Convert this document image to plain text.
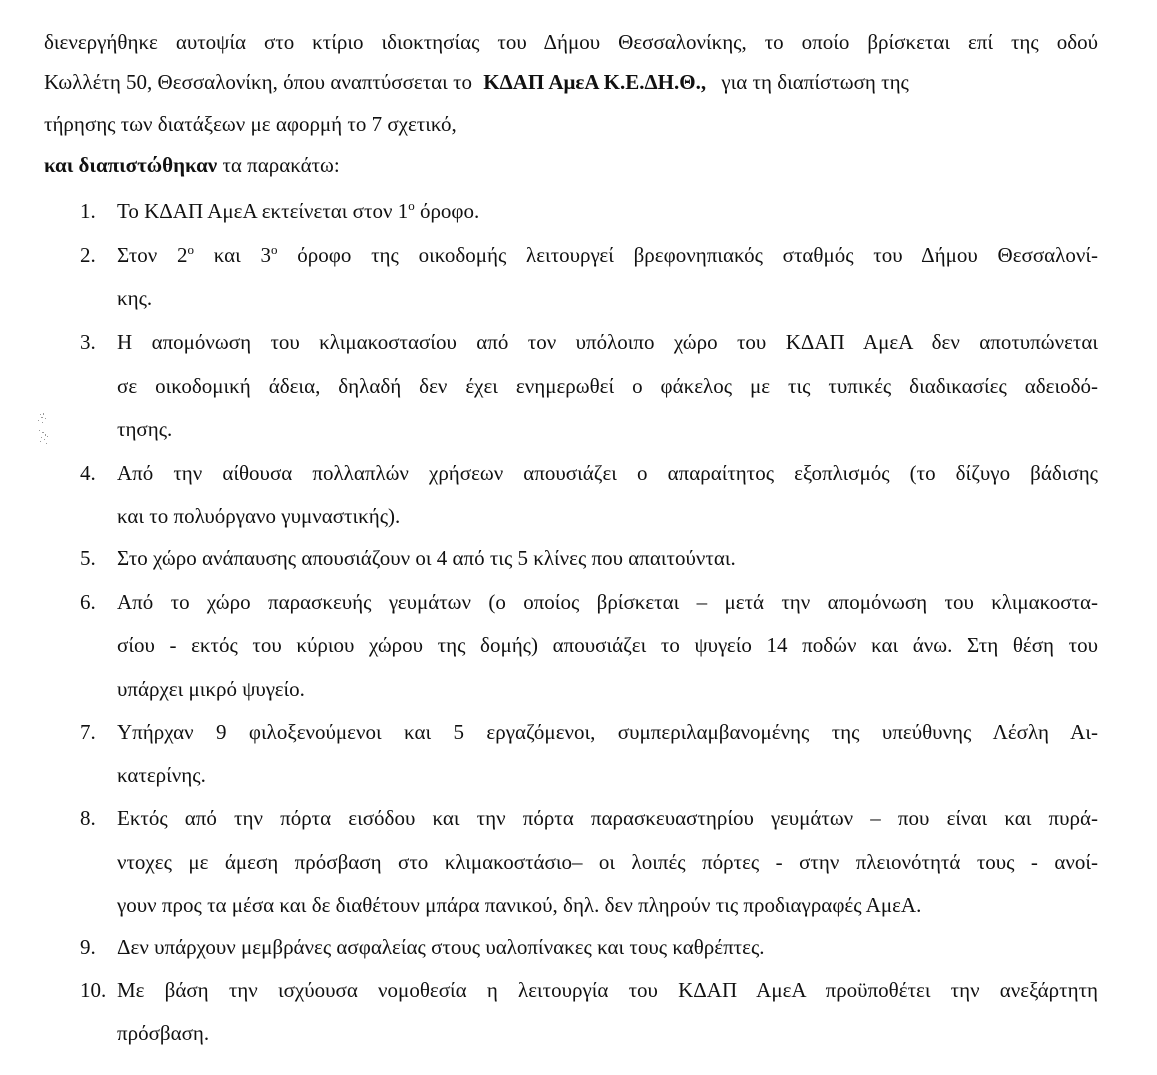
διενεργήθηκε αυτοψία στο κτίριο ιδιοκτησίας του Δήμου Θεσσαλονίκης, το οποίο βρίσκεται επί της οδού
Κωλλέτη 50, Θεσσαλονίκη, όπου αναπτύσσεται το ΚΔΑΠ ΑμεΑ Κ.Ε.ΔΗ.Θ., για τη διαπίστωση της
τήρησης των διατάξεων με αφορμή το 7 σχετικό,
και διαπιστώθηκαν τα παρακάτω:
1. Το ΚΔΑΠ ΑμεΑ εκτείνεται στον $1^o$ όροφο.
2. Στον $2^o$ και $3^o$ όροφο της οικοδομής λειτουργεί βρεφονηπιακός σταθμός του Δήμου Θεσσαλονί-
κης.
3. Η απομόνωση του κλιμακοστασίου από τον υπόλοιπο χώρο του ΚΔΑΠ ΑμεΑ δεν αποτυπώνεται
σε οικοδομική άδεια, δηλαδή δεν έχει ενημερωθεί ο φάκελος με τις τυπικές διαδικασίες αδειοδό-
τησης.
4. Από την αίθουσα πολλαπλών χρήσεων απουσιάζει ο απαραίτητος εξοπλισμός (το δίζυγο βάδισης
και το πολυόργανο γυμναστικής).
5. Στο χώρο ανάπαυσης απουσιάζουν οι 4 από τις 5 κλίνες που απαιτούνται.
6. Από το χώρο παρασκευής γευμάτων (ο οποίος βρίσκεται – μετά την απομόνωση του κλιμακοστα-
σίου - εκτός του κύριου χώρου της δομής) απουσιάζει το ψυγείο 14 ποδών και άνω. Στη θέση του
υπάρχει μικρό ψυγείο.
7. Υπήρχαν 9 φιλοξενούμενοι και 5 εργαζόμενοι, συμπεριλαμβανομένης της υπεύθυνης Λέσλη Αι-
κατερίνης.
8. Εκτός από την πόρτα εισόδου και την πόρτα παρασκευαστηρίου γευμάτων – που είναι και πυρά-
ντοχες με άμεση πρόσβαση στο κλιμακοστάσιο– οι λοιπές πόρτες - στην πλειονότητά τους - ανοί-
γουν προς τα μέσα και δε διαθέτουν μπάρα πανικού, δηλ. δεν πληρούν τις προδιαγραφές ΑμεΑ.
9. Δεν υπάρχουν μεμβράνες ασφαλείας στους υαλοπίνακες και τους καθρέπτες.
10. Με βάση την ισχύουσα νομοθεσία η λειτουργία του ΚΔΑΠ ΑμεΑ προϋποθέτει την ανεξάρτητη
πρόσβαση.
